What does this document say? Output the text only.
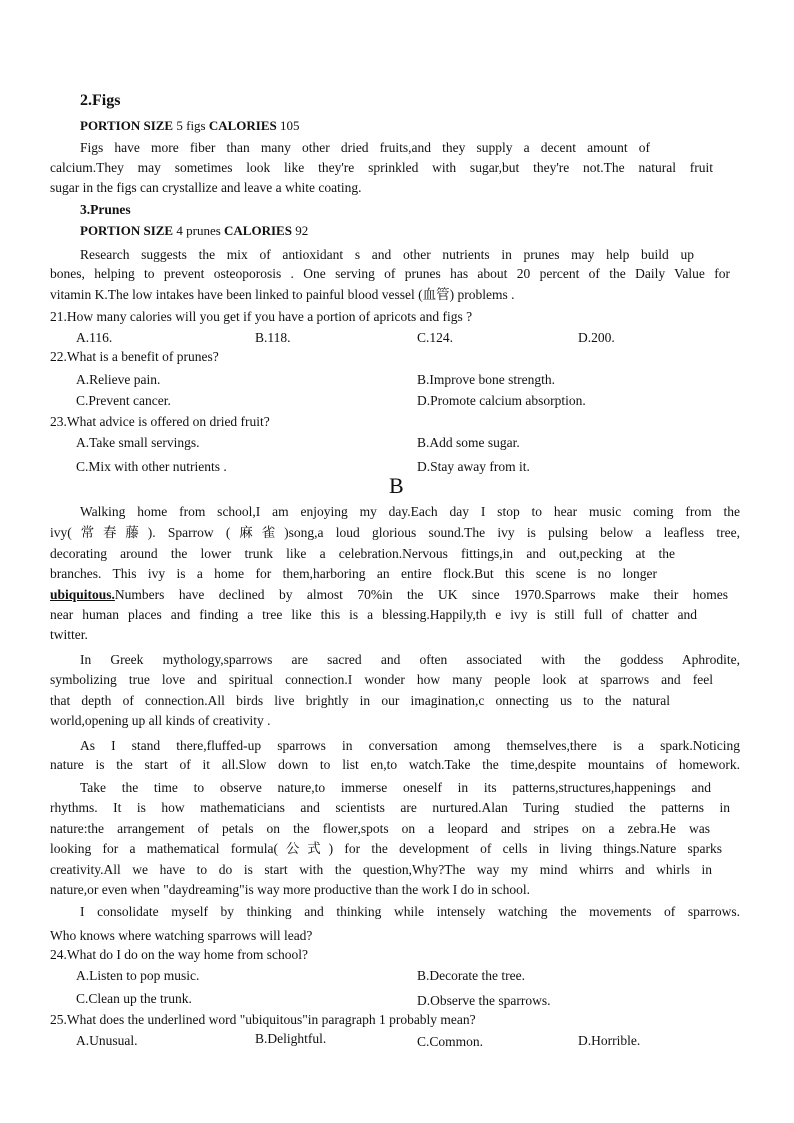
2.Figs
PORTION SIZE 5 figs CALORIES 105
Figs have more fiber than many other dried fruits,and they supply a decent amount of
calcium.They may sometimes look like they're sprinkled with sugar,but they're not.The natural fruit
sugar in the figs can crystallize and leave a white coating.
3.Prunes
PORTION SIZE 4 prunes CALORIES 92
Research suggests the mix of antioxidant s and other nutrients in prunes may help build up
bones, helping to prevent osteoporosis . One serving of prunes has about 20 percent of the Daily Value for
vitamin K.The low intakes have been linked to painful blood vessel (血管) problems .
21.How many calories will you get if you have a portion of apricots and figs ?
A.116.	B.118.	C.124.	D.200.
22.What is a benefit of prunes?
A.Relieve pain.	B.Improve bone strength.
C.Prevent cancer.	D.Promote calcium absorption.
23.What advice is offered on dried fruit?
A.Take small servings.	B.Add some sugar.
C.Mix with other nutrients .	D.Stay away from it.
B
Walking home from school,I am enjoying my day.Each day I stop to hear music coming from the
ivy(常春藤). Sparrow (麻雀)song,a loud glorious sound.The ivy is pulsing below a leafless tree,
decorating around the lower trunk like a celebration.Nervous fittings,in and out,pecking at the
branches. This ivy is a home for them,harboring an entire flock.But this scene is no longer
ubiquitous. Numbers have declined by almost 70%in the UK since 1970.Sparrows make their homes
near human places and finding a tree like this is a blessing.Happily,th e ivy is still full of chatter and
twitter.
In Greek mythology,sparrows are sacred and often associated with the goddess Aphrodite,
symbolizing true love and spiritual connection.I wonder how many people look at sparrows and feel
that depth of connection.All birds live brightly in our imagination,c onnecting us to the natural
world,opening up all kinds of creativity .
As I stand there,fluffed-up sparrows in conversation among themselves,there is a spark.Noticing
nature is the start of it all.Slow down to list en,to watch.Take the time,despite mountains of homework.
Take the time to observe nature,to immerse oneself in its patterns,structures,happenings and
rhythms. It is how mathematicians and scientists are nurtured.Alan Turing studied the patterns in
nature:the arrangement of petals on the flower,spots on a leopard and stripes on a zebra.He was
looking for a mathematical formula(公式) for the development of cells in living things.Nature sparks
creativity.All we have to do is start with the question,Why?The way my mind whirrs and whirls in
nature,or even when "daydreaming"is way more productive than the work I do in school.
I consolidate myself by thinking and thinking while intensely watching the movements of sparrows.
Who knows where watching sparrows will lead?
24.What do I do on the way home from school?
A.Listen to pop music.	B.Decorate the tree.
C.Clean up the trunk.	D.Observe the sparrows.
25.What does the underlined word "ubiquitous"in paragraph 1 probably mean?
A.Unusual.	B.Delightful.	C.Common.	D.Horrible.
